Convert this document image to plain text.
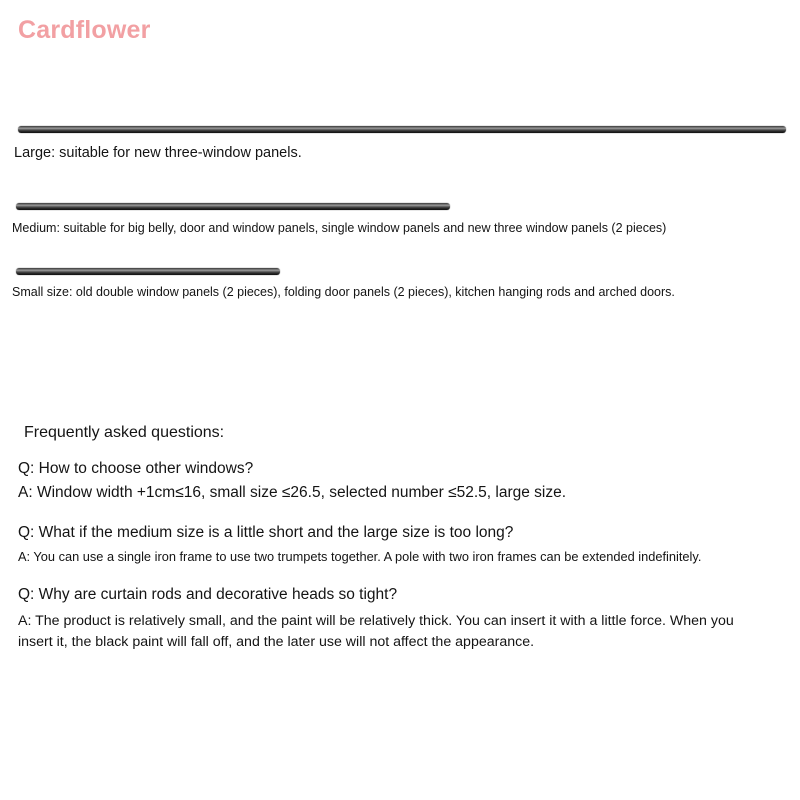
Cardflower
Large: suitable for new three-window panels.
Medium: suitable for big belly, door and window panels, single window panels and new three window panels (2 pieces)
Small size: old double window panels (2 pieces), folding door panels (2 pieces), kitchen hanging rods and arched doors.
Frequently asked questions:
Q: How to choose other windows?
A: Window width +1cm≤16, small size ≤26.5, selected number ≤52.5, large size.
Q: What if the medium size is a little short and the large size is too long?
A: You can use a single iron frame to use two trumpets together. A pole with two iron frames can be extended indefinitely.
Q: Why are curtain rods and decorative heads so tight?
A: The product is relatively small, and the paint will be relatively thick. You can insert it with a little force. When you insert it, the black paint will fall off, and the later use will not affect the appearance.
